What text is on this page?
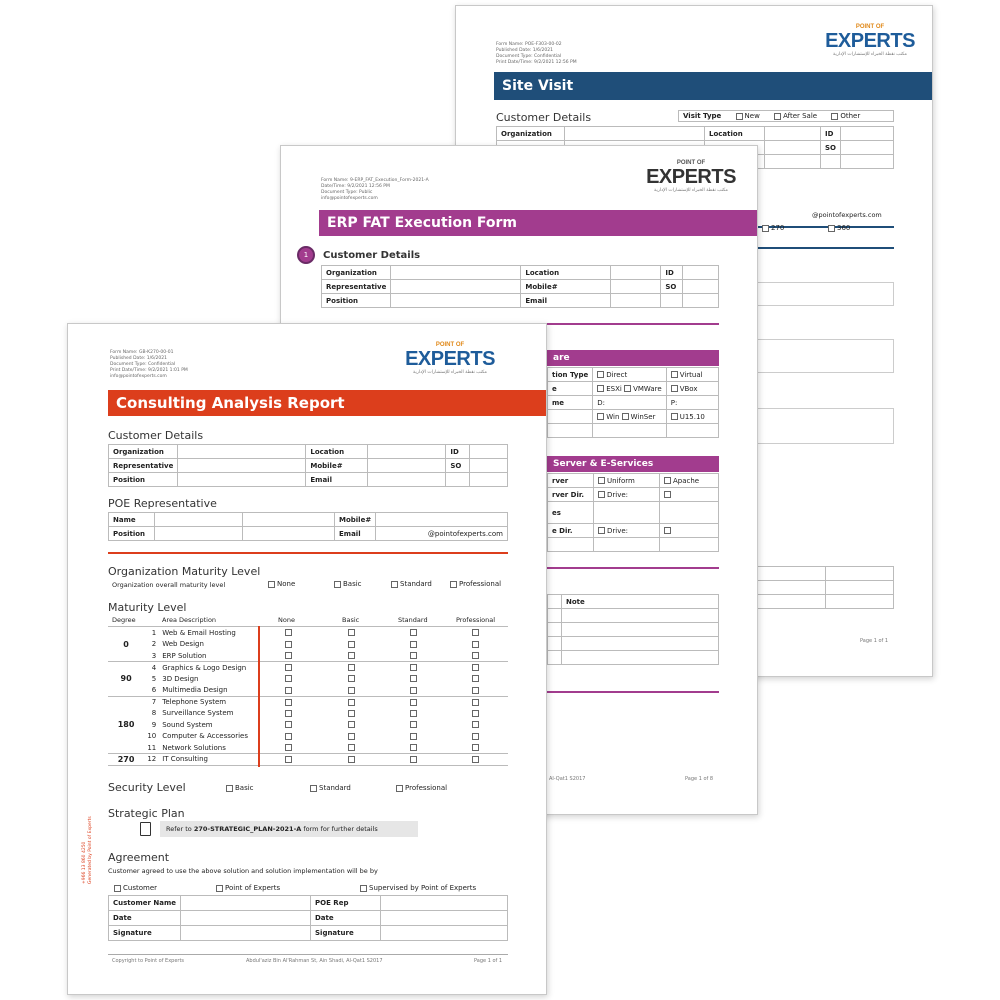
Form Name: POE-F303-00-02
Published Date: 1/6/2021
Document Type: Confidential
Print Date/Time: 9/2/2021 12:56 PM
POINT OF
EXPERTS
مكتب نقطة الخبراء للإستشارات الإدارية
Site Visit
Customer Details	Visit Type	New	After Sale	Other
Organization		Location		ID	
				SO	

@pointofexperts.com
270	360

Page 1 of 1
Form Name: 9-ERP_FAT_Execution_Form-2021-A
Date/Time: 9/2/2021 12:56 PM
Document Type: Public
info@pointofexperts.com
POINT OF
EXPERTS
مكتب نقطة الخبراء للإستشارات الإدارية
ERP FAT Execution Form
1	Customer Details
Organization		Location		ID	
Representative		Mobile#		SO	
Position		Email			
are
tion Type	Direct	Virtual
e	ESXi VMWare	VBox
me	D:	P:
	Win WinSer	U15.10

Server & E-Services
rver	Uniform	Apache
rver Dir.	Drive:	
es		
e Dir.	Drive:	

	Note

Al-Qat1 S2017	Page 1 of 8
Form Name: GB-K270-00-01
Published Date: 1/6/2021
Document Type: Confidential
Print Date/Time: 9/2/2021 1:01 PM
info@pointofexperts.com
POINT OF
EXPERTS
مكتب نقطة الخبراء للإستشارات الإدارية
Consulting Analysis Report
Customer Details
Organization		Location		ID	
Representative		Mobile#		SO	
Position		Email			
POE Representative
Name			Mobile#	
Position			Email	@pointofexperts.com
Organization Maturity Level
Organization overall maturity level	None	Basic	Standard	Professional
Maturity Level
Degree	Area Description	None	Basic	Standard	Professional
0	1	Web & Email Hosting				
	2	Web Design				
	3	ERP Solution				
90	4	Graphics & Logo Design				
	5	3D Design				
	6	Multimedia Design				
180	7	Telephone System				
	8	Surveillance System				
	9	Sound System				
	10	Computer & Accessories				
	11	Network Solutions				
270	12	IT Consulting				
Security Level	Basic	Standard	Professional
Strategic Plan
Refer to 270-STRATEGIC_PLAN-2021-A form for further details
Agreement
Customer agreed to use the above solution and solution implementation will be by
Customer	Point of Experts	Supervised by Point of Experts
Customer Name		POE Rep	
Date		Date	
Signature		Signature	
+966 13 860 4250
Generated by Point of Experts
Copyright to Point of Experts	Abdul'aziz Bin Al'Rahman St, Ain Shadi, Al-Qat1 S2017	Page 1 of 1
